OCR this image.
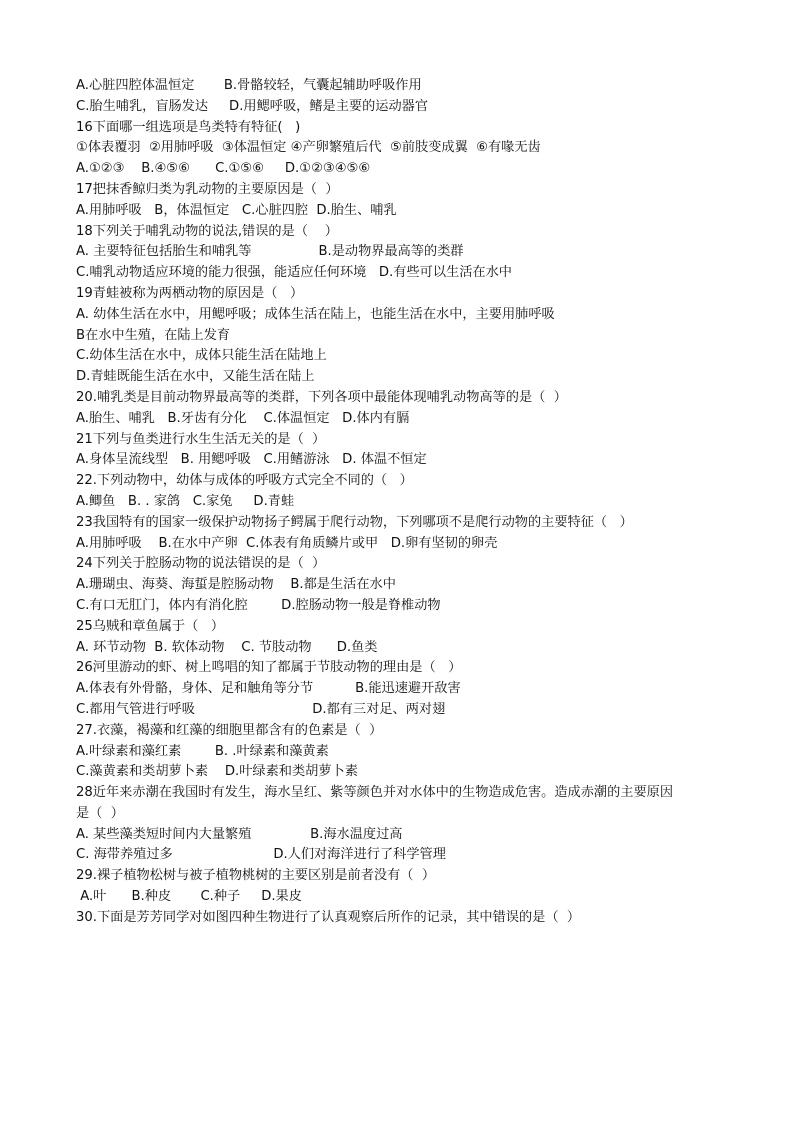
A.心脏四腔体温恒定       B.骨骼较轻，气囊起辅助呼吸作用
C.胎生哺乳，盲肠发达     D.用鳃呼吸，鳍是主要的运动器官
16下面哪一组选项是鸟类特有特征(   )
①体表覆羽  ②用肺呼吸  ③体温恒定 ④产卵繁殖后代  ⑤前肢变成翼  ⑥有喙无齿
A.①②③    B.④⑤⑥      C.①⑤⑥     D.①②③④⑤⑥
17把抹香鲸归类为乳动物的主要原因是（  ）
A.用肺呼吸   B，体温恒定   C.心脏四腔  D.胎生、哺乳
18下列关于哺乳动物的说法,错误的是（    ）
A. 主要特征包括胎生和哺乳等                B.是动物界最高等的类群
C.哺乳动物适应环境的能力很强，能适应任何环境   D.有些可以生活在水中
19青蛙被称为两栖动物的原因是（   ）
A. 幼体生活在水中，用鳃呼吸；成体生活在陆上，也能生活在水中，主要用肺呼吸
B在水中生殖，在陆上发育
C.幼体生活在水中，成体只能生活在陆地上
D.青蛙既能生活在水中，又能生活在陆上
20.哺乳类是目前动物界最高等的类群，下列各项中最能体现哺乳动物高等的是（  ）
A.胎生、哺乳   B.牙齿有分化    C.体温恒定   D.体内有膈
21下列与鱼类进行水生生活无关的是（  ）
A.身体呈流线型   B. 用鳃呼吸   C.用鳍游泳   D. 体温不恒定
22.下列动物中，幼体与成体的呼吸方式完全不同的（   ）
A.鲫鱼   B. . 家鸽   C.家兔     D.青蛙
23我国特有的国家一级保护动物扬子鳄属于爬行动物，下列哪项不是爬行动物的主要特征（   ）
A.用肺呼吸    B.在水中产卵  C.体表有角质鳞片或甲   D.卵有坚韧的卵壳
24下列关于腔肠动物的说法错误的是（  ）
A.珊瑚虫、海葵、海蜇是腔肠动物    B.都是生活在水中
C.有口无肛门，体内有消化腔        D.腔肠动物一般是脊椎动物
25乌贼和章鱼属于（   ）
A. 环节动物  B. 软体动物    C. 节肢动物      D.鱼类
26河里游动的虾、树上鸣唱的知了都属于节肢动物的理由是（   ）
A.体表有外骨骼，身体、足和触角等分节          B.能迅速避开敌害
C.都用气管进行呼吸                            D.都有三对足、两对翅
27.衣藻，褐藻和红藻的细胞里都含有的色素是（  ）
A.叶绿素和藻红素        B. .叶绿素和藻黄素
C.藻黄素和类胡萝卜素    D.叶绿素和类胡萝卜素
28近年来赤潮在我国时有发生，海水呈红、紫等颜色并对水体中的生物造成危害。造成赤潮的主要原因
是（  ）
A. 某些藻类短时间内大量繁殖              B.海水温度过高
C. 海带养殖过多                        D.人们对海洋进行了科学管理
29.裸子植物松树与被子植物桃树的主要区别是前者没有（  ）
A.叶      B.种皮       C.种子     D.果皮
30.下面是芳芳同学对如图四种生物进行了认真观察后所作的记录，其中错误的是（  ）
